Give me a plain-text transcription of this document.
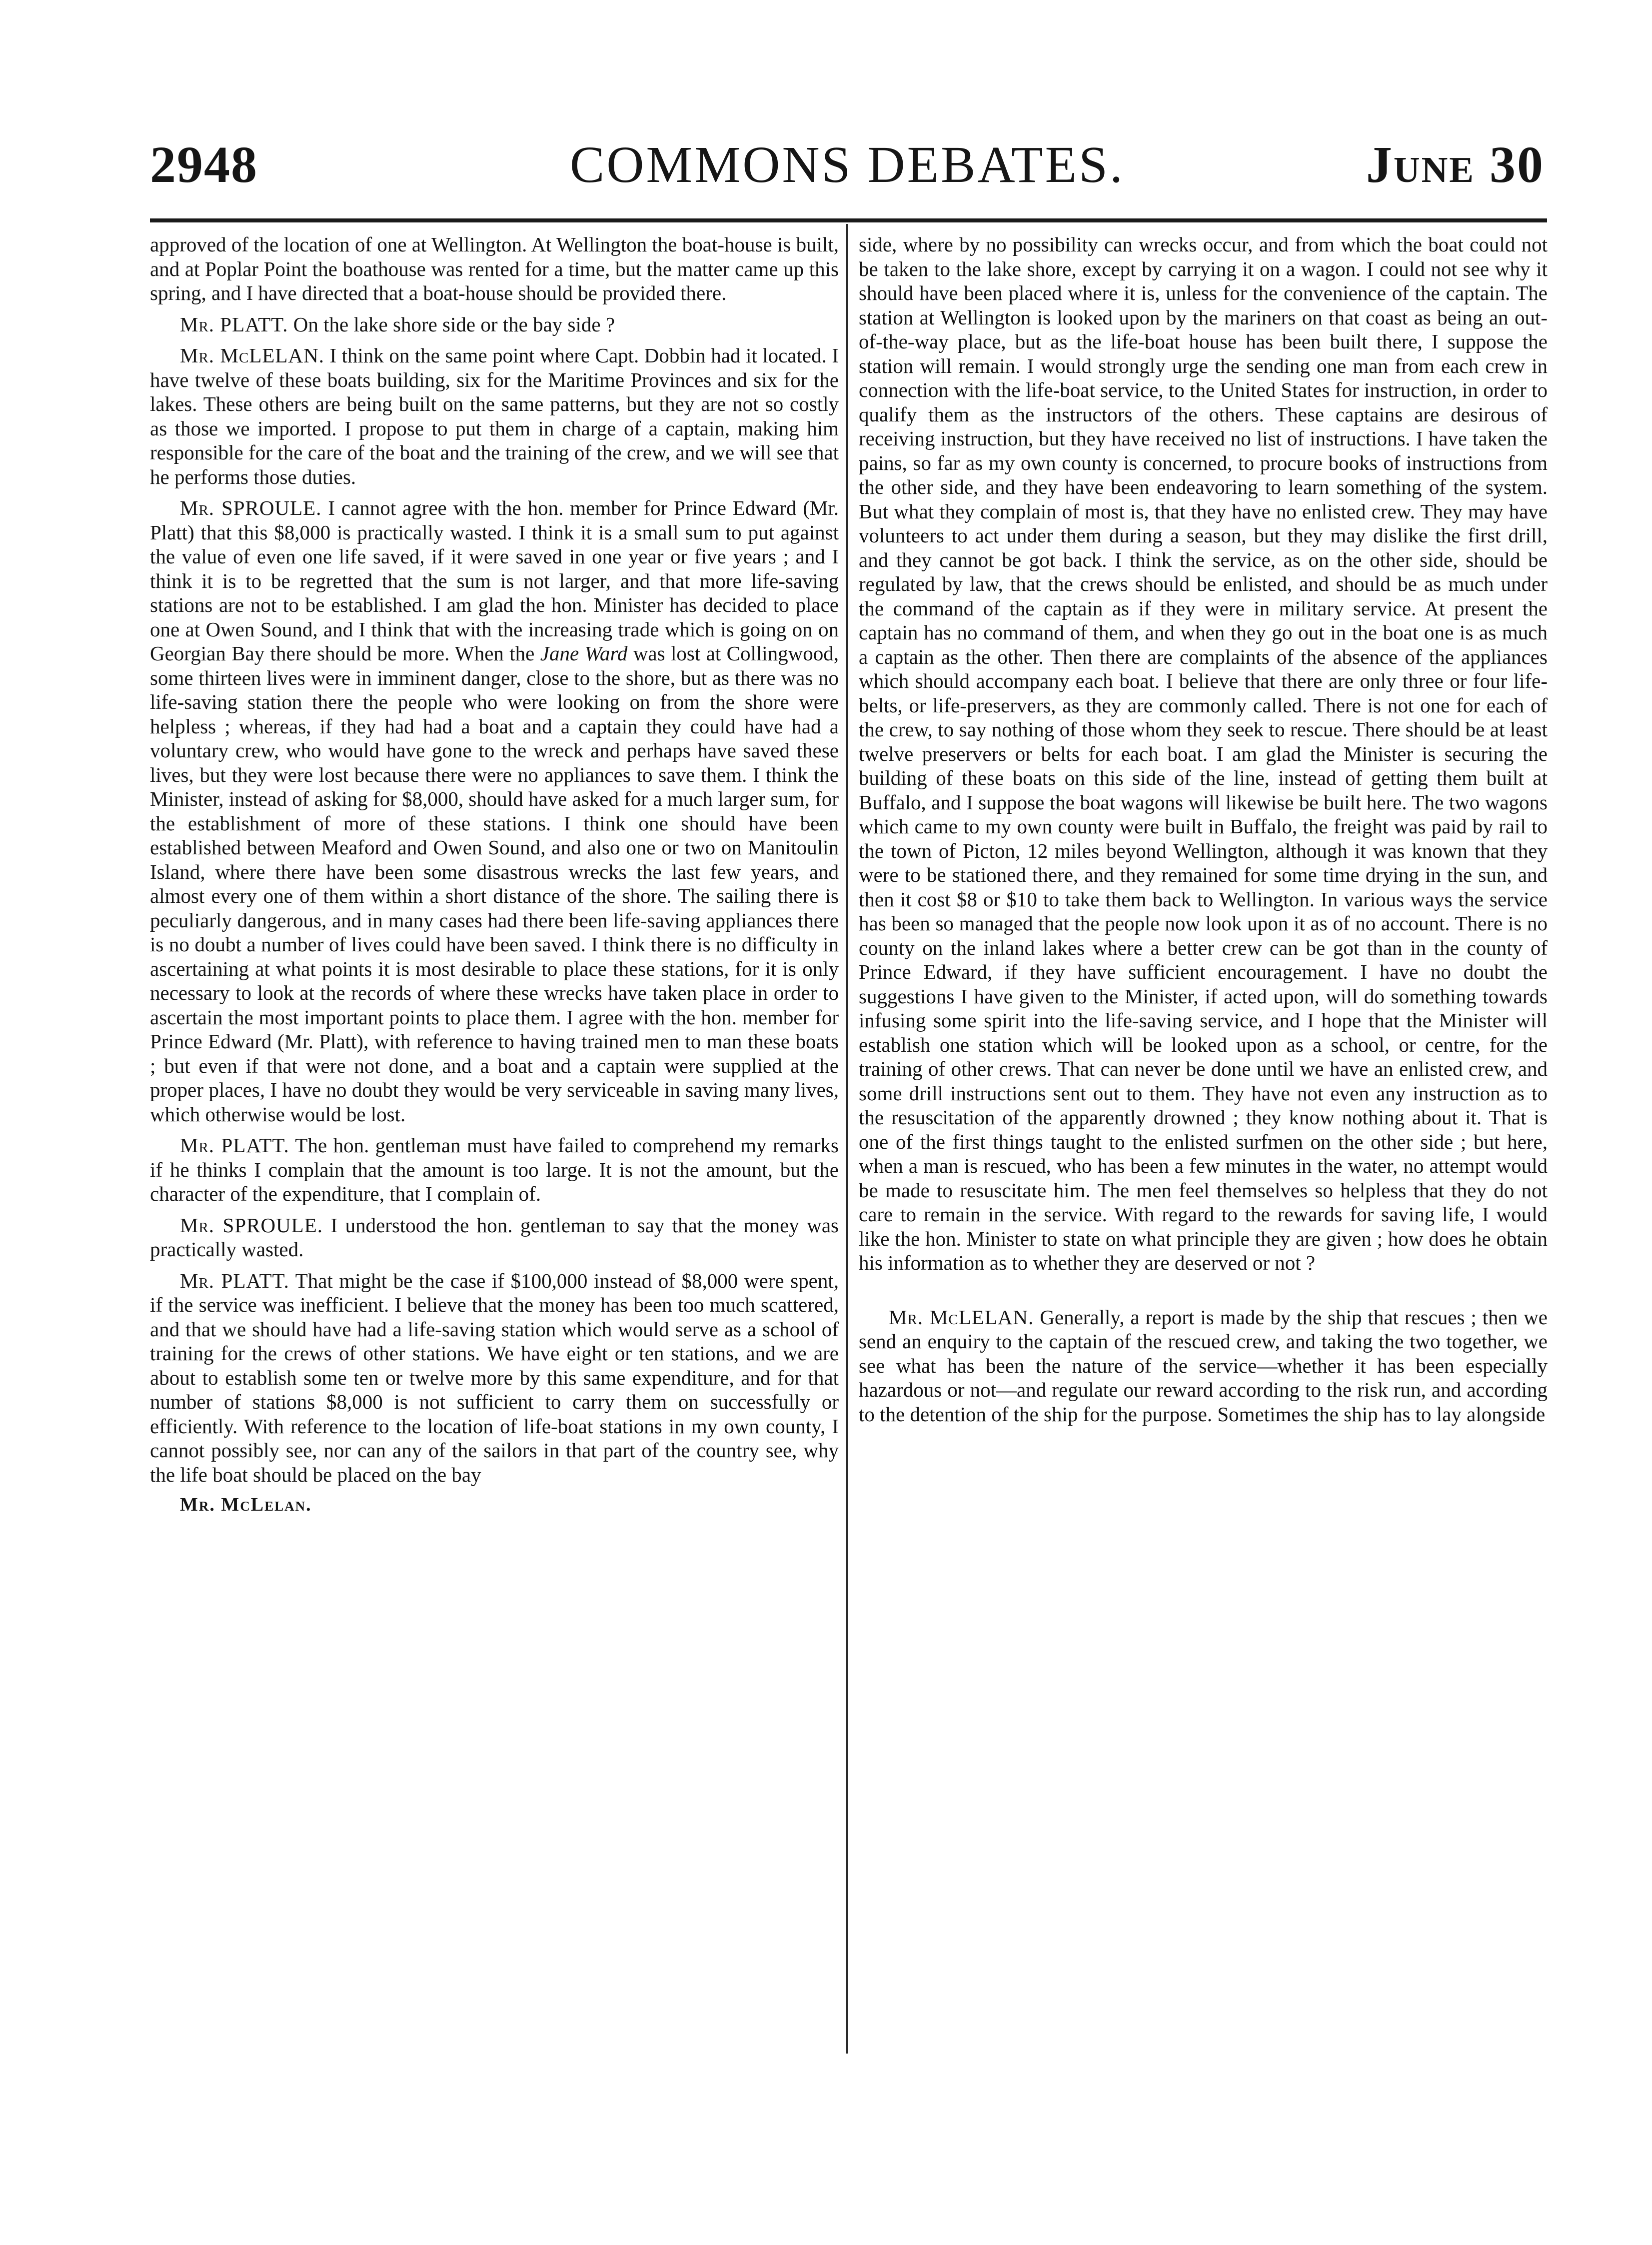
2948	COMMONS DEBATES.	June 30

approved of the location of one at Wellington. At Wellington the boat-house is built, and at Poplar Point the boathouse was rented for a time, but the matter came up this spring, and I have directed that a boat-house should be provided there.

Mr. PLATT. On the lake shore side or the bay side ?

Mr. McLELAN. I think on the same point where Capt. Dobbin had it located. I have twelve of these boats building, six for the Maritime Provinces and six for the lakes. These others are being built on the same patterns, but they are not so costly as those we imported. I propose to put them in charge of a captain, making him responsible for the care of the boat and the training of the crew, and we will see that he performs those duties.

Mr. SPROULE. I cannot agree with the hon. member for Prince Edward (Mr. Platt) that this $8,000 is practically wasted. I think it is a small sum to put against the value of even one life saved, if it were saved in one year or five years ; and I think it is to be regretted that the sum is not larger, and that more life-saving stations are not to be established. I am glad the hon. Minister has decided to place one at Owen Sound, and I think that with the increasing trade which is going on on Georgian Bay there should be more. When the Jane Ward was lost at Collingwood, some thirteen lives were in imminent danger, close to the shore, but as there was no life-saving station there the people who were looking on from the shore were helpless ; whereas, if they had had a boat and a captain they could have had a voluntary crew, who would have gone to the wreck and perhaps have saved these lives, but they were lost because there were no appliances to save them. I think the Minister, instead of asking for $8,000, should have asked for a much larger sum, for the establishment of more of these stations. I think one should have been established between Meaford and Owen Sound, and also one or two on Manitoulin Island, where there have been some disastrous wrecks the last few years, and almost every one of them within a short distance of the shore. The sailing there is peculiarly dangerous, and in many cases had there been life-saving appliances there is no doubt a number of lives could have been saved. I think there is no difficulty in ascertaining at what points it is most desirable to place these stations, for it is only necessary to look at the records of where these wrecks have taken place in order to ascertain the most important points to place them. I agree with the hon. member for Prince Edward (Mr. Platt), with reference to having trained men to man these boats ; but even if that were not done, and a boat and a captain were supplied at the proper places, I have no doubt they would be very serviceable in saving many lives, which otherwise would be lost.

Mr. PLATT. The hon. gentleman must have failed to comprehend my remarks if he thinks I complain that the amount is too large. It is not the amount, but the character of the expenditure, that I complain of.

Mr. SPROULE. I understood the hon. gentleman to say that the money was practically wasted.

Mr. PLATT. That might be the case if $100,000 instead of $8,000 were spent, if the service was inefficient. I believe that the money has been too much scattered, and that we should have had a life-saving station which would serve as a school of training for the crews of other stations. We have eight or ten stations, and we are about to establish some ten or twelve more by this same expenditure, and for that number of stations $8,000 is not sufficient to carry them on successfully or efficiently. With reference to the location of life-boat stations in my own county, I cannot possibly see, nor can any of the sailors in that part of the country see, why the life boat should be placed on the bay

Mr. McLelan.

side, where by no possibility can wrecks occur, and from which the boat could not be taken to the lake shore, except by carrying it on a wagon. I could not see why it should have been placed where it is, unless for the convenience of the captain. The station at Wellington is looked upon by the mariners on that coast as being an out-of-the-way place, but as the life-boat house has been built there, I suppose the station will remain. I would strongly urge the sending one man from each crew in connection with the life-boat service, to the United States for instruction, in order to qualify them as the instructors of the others. These captains are desirous of receiving instruction, but they have received no list of instructions. I have taken the pains, so far as my own county is concerned, to procure books of instructions from the other side, and they have been endeavoring to learn something of the system. But what they complain of most is, that they have no enlisted crew. They may have volunteers to act under them during a season, but they may dislike the first drill, and they cannot be got back. I think the service, as on the other side, should be regulated by law, that the crews should be enlisted, and should be as much under the command of the captain as if they were in military service. At present the captain has no command of them, and when they go out in the boat one is as much a captain as the other. Then there are complaints of the absence of the appliances which should accompany each boat. I believe that there are only three or four life-belts, or life-preservers, as they are commonly called. There is not one for each of the crew, to say nothing of those whom they seek to rescue. There should be at least twelve preservers or belts for each boat. I am glad the Minister is securing the building of these boats on this side of the line, instead of getting them built at Buffalo, and I suppose the boat wagons will likewise be built here. The two wagons which came to my own county were built in Buffalo, the freight was paid by rail to the town of Picton, 12 miles beyond Wellington, although it was known that they were to be stationed there, and they remained for some time drying in the sun, and then it cost $8 or $10 to take them back to Wellington. In various ways the service has been so managed that the people now look upon it as of no account. There is no county on the inland lakes where a better crew can be got than in the county of Prince Edward, if they have sufficient encouragement. I have no doubt the suggestions I have given to the Minister, if acted upon, will do something towards infusing some spirit into the life-saving service, and I hope that the Minister will establish one station which will be looked upon as a school, or centre, for the training of other crews. That can never be done until we have an enlisted crew, and some drill instructions sent out to them. They have not even any instruction as to the resuscitation of the apparently drowned ; they know nothing about it. That is one of the first things taught to the enlisted surfmen on the other side ; but here, when a man is rescued, who has been a few minutes in the water, no attempt would be made to resuscitate him. The men feel themselves so helpless that they do not care to remain in the service. With regard to the rewards for saving life, I would like the hon. Minister to state on what principle they are given ; how does he obtain his information as to whether they are deserved or not ?

Mr. McLELAN. Generally, a report is made by the ship that rescues ; then we send an enquiry to the captain of the rescued crew, and taking the two together, we see what has been the nature of the service—whether it has been especially hazardous or not—and regulate our reward according to the risk run, and according to the detention of the ship for the purpose. Sometimes the ship has to lay alongside
